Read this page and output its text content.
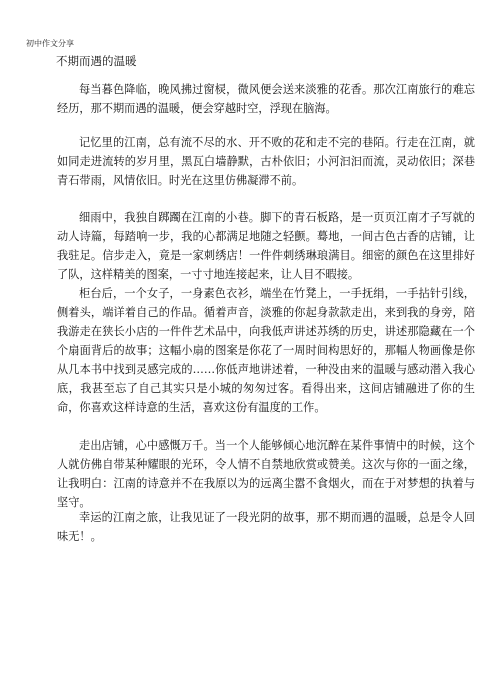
初中作文分享
不期而遇的温暖

每当暮色降临，晚风拂过窗棂，微风便会送来淡雅的花香。那次江南旅行的难忘经历，那不期而遇的温暖，便会穿越时空，浮现在脑海。

记忆里的江南，总有流不尽的水、开不败的花和走不完的巷陌。行走在江南，就如同走进流转的岁月里，黑瓦白墙静默，古朴依旧；小河汩汩而流，灵动依旧；深巷青石带雨，风情依旧。时光在这里仿佛凝滞不前。

细雨中，我独自踯躅在江南的小巷。脚下的青石板路，是一页页江南才子写就的动人诗篇，每踏响一步，我的心都满足地随之轻颤。蓦地，一间古色古香的店铺，让我驻足。信步走入，竟是一家刺绣店！一件件刺绣琳琅满目。细密的颜色在这里排好了队，这样精美的图案，一寸寸地连接起来，让人目不暇接。

柜台后，一个女子，一身素色衣衫，端坐在竹凳上，一手抚绢，一手拈针引线，侧着头，端详着自己的作品。循着声音，淡雅的你起身款款走出，来到我的身旁，陪我游走在狭长小店的一件件艺术品中，向我低声讲述苏绣的历史，讲述那隐藏在一个个扇面背后的故事；这幅小扇的图案是你花了一周时间构思好的，那幅人物画像是你从几本书中找到灵感完成的……你低声地讲述着，一种没由来的温暖与感动潜入我心底，我甚至忘了自己其实只是小城的匆匆过客。看得出来，这间店铺融进了你的生命，你喜欢这样诗意的生活，喜欢这份有温度的工作。

走出店铺，心中感慨万千。当一个人能够倾心地沉醉在某件事情中的时候，这个人就仿佛自带某种耀眼的光环，令人情不自禁地欣赏或赞美。这次与你的一面之缘，让我明白：江南的诗意并不在我原以为的远离尘嚣不食烟火，而在于对梦想的执着与坚守。

幸运的江南之旅，让我见证了一段光阴的故事，那不期而遇的温暖，总是令人回味无！。
